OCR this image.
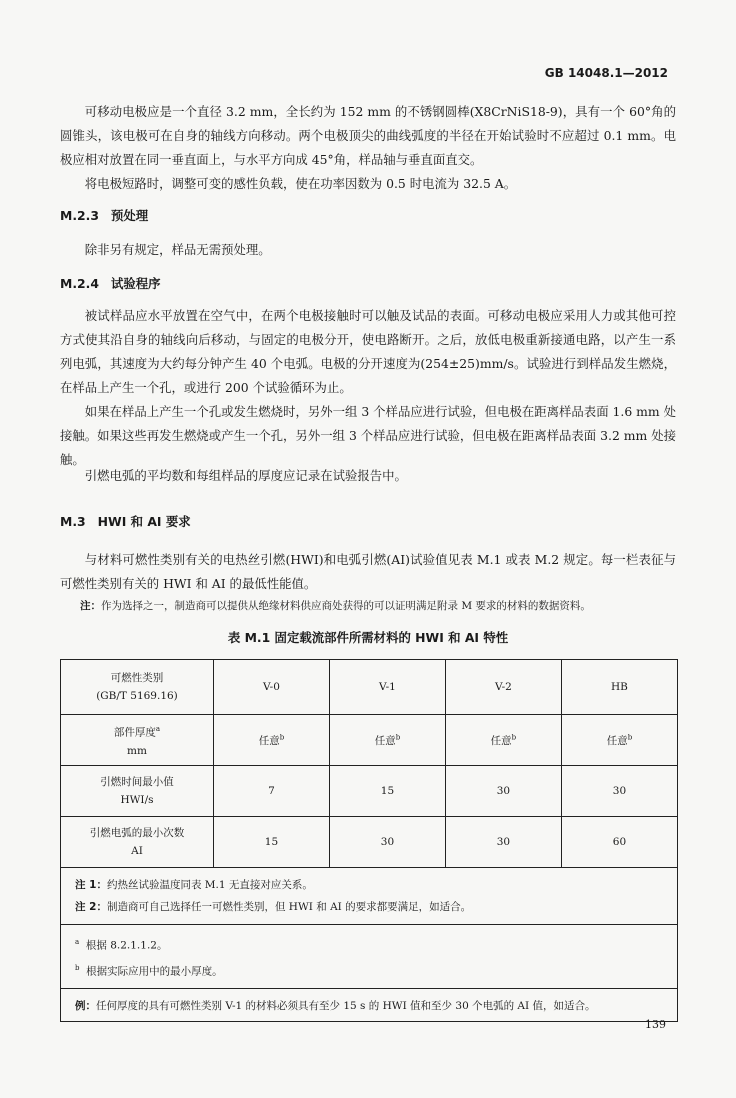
GB 14048.1—2012

可移动电极应是一个直径 3.2 mm，全长约为 152 mm 的不锈钢圆棒(X8CrNiS18-9)，具有一个 60°角的圆锥头，该电极可在自身的轴线方向移动。两个电极顶尖的曲线弧度的半径在开始试验时不应超过 0.1 mm。电极应相对放置在同一垂直面上，与水平方向成 45°角，样品轴与垂直面直交。

将电极短路时，调整可变的感性负载，使在功率因数为 0.5 时电流为 32.5 A。

M.2.3 预处理

除非另有规定，样品无需预处理。

M.2.4 试验程序

被试样品应水平放置在空气中，在两个电极接触时可以触及试品的表面。可移动电极应采用人力或其他可控方式使其沿自身的轴线向后移动，与固定的电极分开，使电路断开。之后，放低电极重新接通电路，以产生一系列电弧，其速度为大约每分钟产生 40 个电弧。电极的分开速度为(254±25)mm/s。试验进行到样品发生燃烧，在样品上产生一个孔，或进行 200 个试验循环为止。

如果在样品上产生一个孔或发生燃烧时，另外一组 3 个样品应进行试验，但电极在距离样品表面 1.6 mm 处接触。如果这些再发生燃烧或产生一个孔，另外一组 3 个样品应进行试验，但电极在距离样品表面 3.2 mm 处接触。

引燃电弧的平均数和每组样品的厚度应记录在试验报告中。

M.3 HWI 和 AI 要求

与材料可燃性类别有关的电热丝引燃(HWI)和电弧引燃(AI)试验值见表 M.1 或表 M.2 规定。每一栏表征与可燃性类别有关的 HWI 和 AI 的最低性能值。

注：作为选择之一，制造商可以提供从绝缘材料供应商处获得的可以证明满足附录 M 要求的材料的数据资料。

表 M.1 固定载流部件所需材料的 HWI 和 AI 特性
可燃性类别
(GB/T 5169.16)	V-0	V-1	V-2	HB
部件厚度$^a$
mm	任意$^b$	任意$^b$	任意$^b$	任意$^b$
引燃时间最小值
HWI/s	7	15	30	30
引燃电弧的最小次数
AI	15	30	30	60

注 1：约热丝试验温度同表 M.1 无直接对应关系。
注 2：制造商可自己选择任一可燃性类别，但 HWI 和 AI 的要求都要满足，如适合。				

$^a$ 根据 8.2.1.1.2。
$^b$ 根据实际应用中的最小厚度。				

例：任何厚度的具有可燃性类别 V-1 的材料必须具有至少 15 s 的 HWI 值和至少 30 个电弧的 AI 值，如适合。				
139
